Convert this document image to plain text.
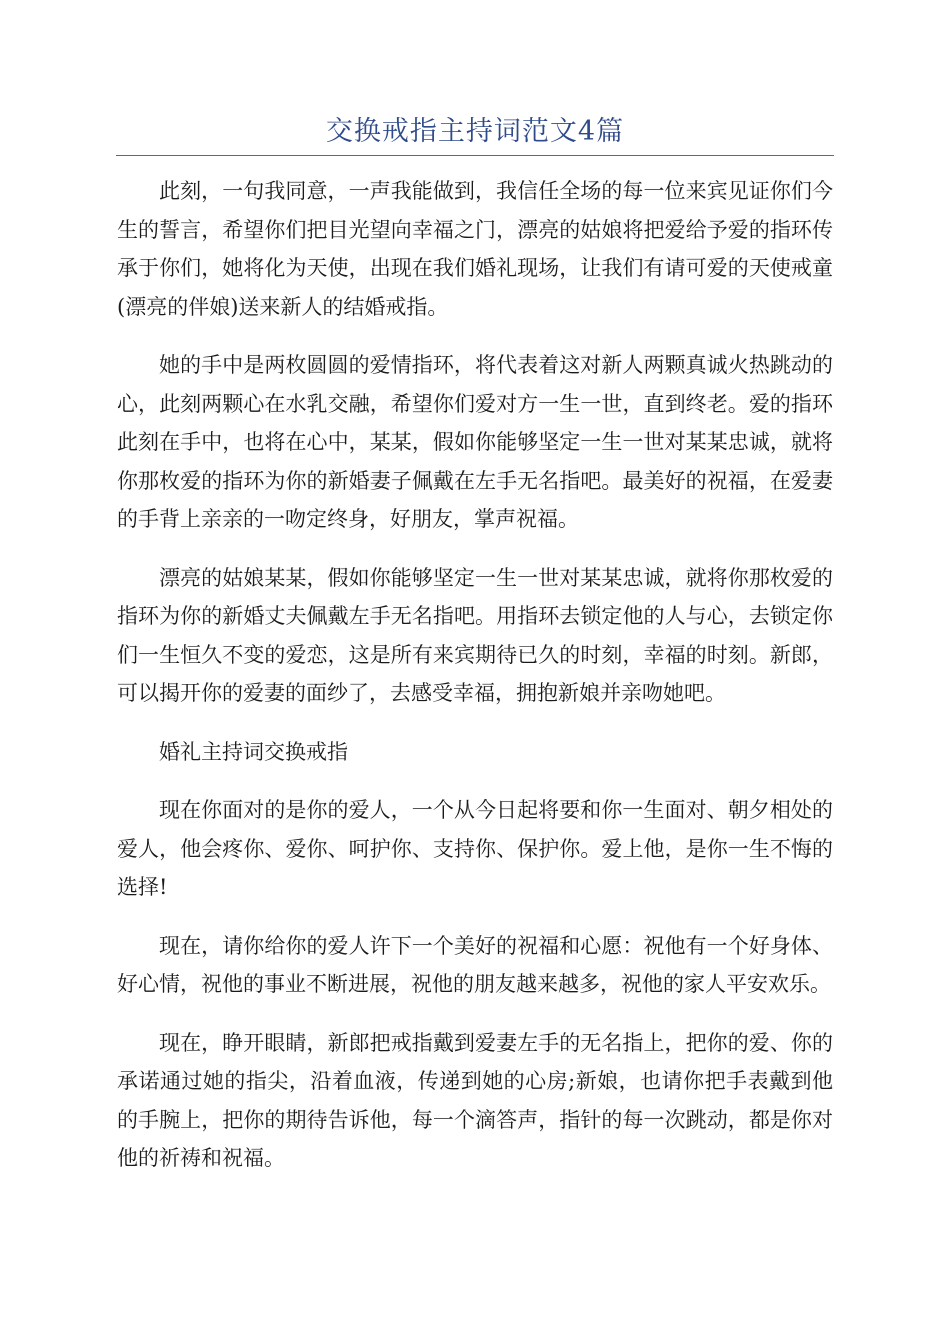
交换戒指主持词范文4篇

此刻，一句我同意，一声我能做到，我信任全场的每一位来宾见证你们今生的誓言，希望你们把目光望向幸福之门，漂亮的姑娘将把爱给予爱的指环传承于你们，她将化为天使，出现在我们婚礼现场，让我们有请可爱的天使戒童(漂亮的伴娘)送来新人的结婚戒指。

她的手中是两枚圆圆的爱情指环，将代表着这对新人两颗真诚火热跳动的心，此刻两颗心在水乳交融，希望你们爱对方一生一世，直到终老。爱的指环此刻在手中，也将在心中，某某，假如你能够坚定一生一世对某某忠诚，就将你那枚爱的指环为你的新婚妻子佩戴在左手无名指吧。最美好的祝福，在爱妻的手背上亲亲的一吻定终身，好朋友，掌声祝福。

漂亮的姑娘某某，假如你能够坚定一生一世对某某忠诚，就将你那枚爱的指环为你的新婚丈夫佩戴左手无名指吧。用指环去锁定他的人与心，去锁定你们一生恒久不变的爱恋，这是所有来宾期待已久的时刻，幸福的时刻。新郎，可以揭开你的爱妻的面纱了，去感受幸福，拥抱新娘并亲吻她吧。

婚礼主持词交换戒指

现在你面对的是你的爱人，一个从今日起将要和你一生面对、朝夕相处的爱人，他会疼你、爱你、呵护你、支持你、保护你。爱上他，是你一生不悔的选择!

现在，请你给你的爱人许下一个美好的祝福和心愿：祝他有一个好身体、好心情，祝他的事业不断进展，祝他的朋友越来越多，祝他的家人平安欢乐。

现在，睁开眼睛，新郎把戒指戴到爱妻左手的无名指上，把你的爱、你的承诺通过她的指尖，沿着血液，传递到她的心房;新娘，也请你把手表戴到他的手腕上，把你的期待告诉他，每一个滴答声，指针的每一次跳动，都是你对他的祈祷和祝福。
